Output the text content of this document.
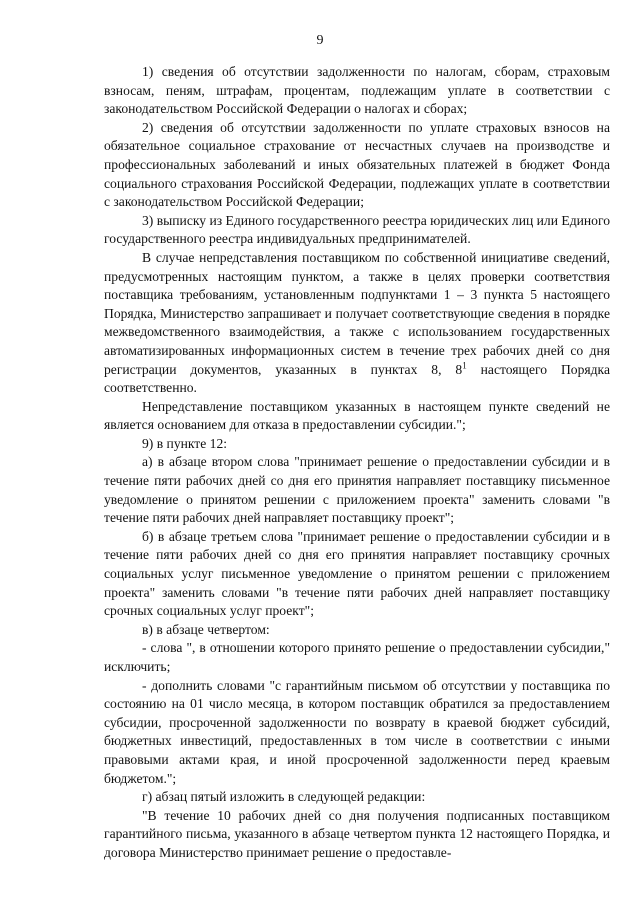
9

1) сведения об отсутствии задолженности по налогам, сборам, страховым взносам, пеням, штрафам, процентам, подлежащим уплате в соответствии с законодательством Российской Федерации о налогах и сборах;

2) сведения об отсутствии задолженности по уплате страховых взносов на обязательное социальное страхование от несчастных случаев на производстве и профессиональных заболеваний и иных обязательных платежей в бюджет Фонда социального страхования Российской Федерации, подлежащих уплате в соответствии с законодательством Российской Федерации;

3) выписку из Единого государственного реестра юридических лиц или Единого государственного реестра индивидуальных предпринимателей.

В случае непредставления поставщиком по собственной инициативе сведений, предусмотренных настоящим пунктом, а также в целях проверки соответствия поставщика требованиям, установленным подпунктами 1 – 3 пункта 5 настоящего Порядка, Министерство запрашивает и получает соответствующие сведения в порядке межведомственного взаимодействия, а также с использованием государственных автоматизированных информационных систем в течение трех рабочих дней со дня регистрации документов, указанных в пунктах 8, $8^1$ настоящего Порядка соответственно.

Непредставление поставщиком указанных в настоящем пункте сведений не является основанием для отказа в предоставлении субсидии.";

9) в пункте 12:

а) в абзаце втором слова "принимает решение о предоставлении субсидии и в течение пяти рабочих дней со дня его принятия направляет поставщику письменное уведомление о принятом решении с приложением проекта" заменить словами "в течение пяти рабочих дней направляет поставщику проект";

б) в абзаце третьем слова "принимает решение о предоставлении субсидии и в течение пяти рабочих дней со дня его принятия направляет поставщику срочных социальных услуг письменное уведомление о принятом решении с приложением проекта" заменить словами "в течение пяти рабочих дней направляет поставщику срочных социальных услуг проект";

в) в абзаце четвертом:

- слова ", в отношении которого принято решение о предоставлении субсидии," исключить;

- дополнить словами "с гарантийным письмом об отсутствии у поставщика по состоянию на 01 число месяца, в котором поставщик обратился за предоставлением субсидии, просроченной задолженности по возврату в краевой бюджет субсидий, бюджетных инвестиций, предоставленных в том числе в соответствии с иными правовыми актами края, и иной просроченной задолженности перед краевым бюджетом.";

г) абзац пятый изложить в следующей редакции:

"В течение 10 рабочих дней со дня получения подписанных поставщиком гарантийного письма, указанного в абзаце четвертом пункта 12 настоящего Порядка, и договора Министерство принимает решение о предоставле-
